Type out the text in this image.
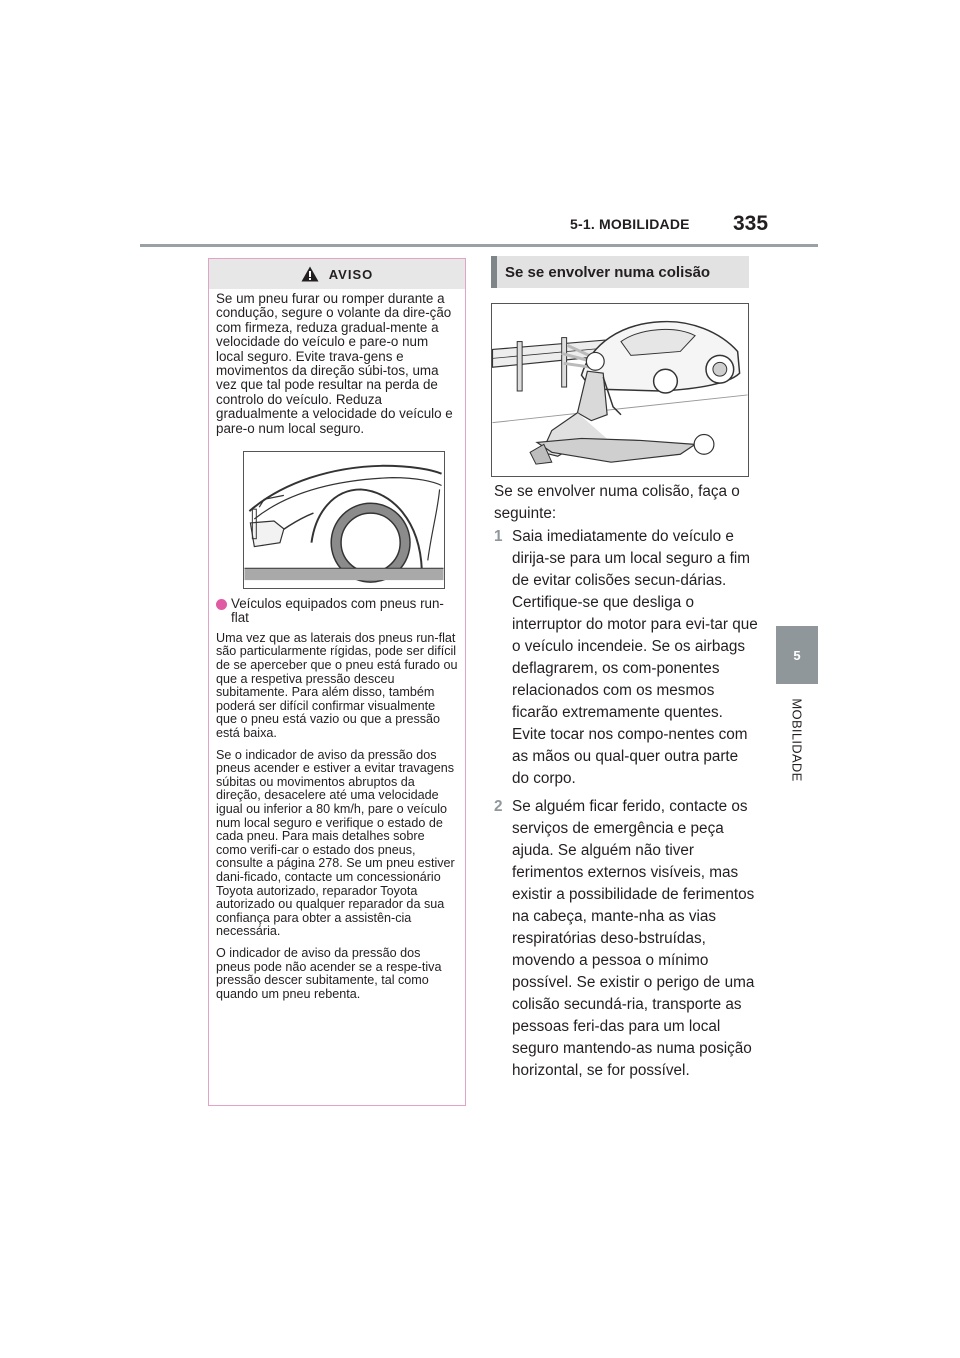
5-1. MOBILIDADE 335
5
MOBILIDADE
AVISO

Se um pneu furar ou romper durante a condução, segure o volante da dire-ção com firmeza, reduza gradual-mente a velocidade do veículo e pare-o num local seguro. Evite trava-gens e movimentos da direção súbi-tos, uma vez que tal pode resultar na perda de controlo do veículo. Reduza gradualmente a velocidade do veículo e pare-o num local seguro.

Veículos equipados com pneus run-flat

Uma vez que as laterais dos pneus run-flat são particularmente rígidas, pode ser difícil de se aperceber que o pneu está furado ou que a respetiva pressão desceu subitamente. Para além disso, também poderá ser difícil confirmar visualmente que o pneu está vazio ou que a pressão está baixa.

Se o indicador de aviso da pressão dos pneus acender e estiver a evitar travagens súbitas ou movimentos abruptos da direção, desacelere até uma velocidade igual ou inferior a 80 km/h, pare o veículo num local seguro e verifique o estado de cada pneu. Para mais detalhes sobre como verifi-car o estado dos pneus, consulte a página 278. Se um pneu estiver dani-ficado, contacte um concessionário Toyota autorizado, reparador Toyota autorizado ou qualquer reparador da sua confiança para obter a assistên-cia necessária.

O indicador de aviso da pressão dos pneus pode não acender se a respe-tiva pressão descer subitamente, tal como quando um pneu rebenta.

Se se envolver numa colisão

Se se envolver numa colisão, faça o seguinte:

1 Saia imediatamente do veículo e dirija-se para um local seguro a fim de evitar colisões secun-dárias. Certifique-se que desliga o interruptor do motor para evi-tar que o veículo incendeie. Se os airbags deflagrarem, os com-ponentes relacionados com os mesmos ficarão extremamente quentes. Evite tocar nos compo-nentes com as mãos ou qual-quer outra parte do corpo.
2 Se alguém ficar ferido, contacte os serviços de emergência e peça ajuda. Se alguém não tiver ferimentos externos visíveis, mas existir a possibilidade de ferimentos na cabeça, mante-nha as vias respiratórias deso-bstruídas, movendo a pessoa o mínimo possível. Se existir o perigo de uma colisão secundá-ria, transporte as pessoas feri-das para um local seguro mantendo-as numa posição horizontal, se for possível.
